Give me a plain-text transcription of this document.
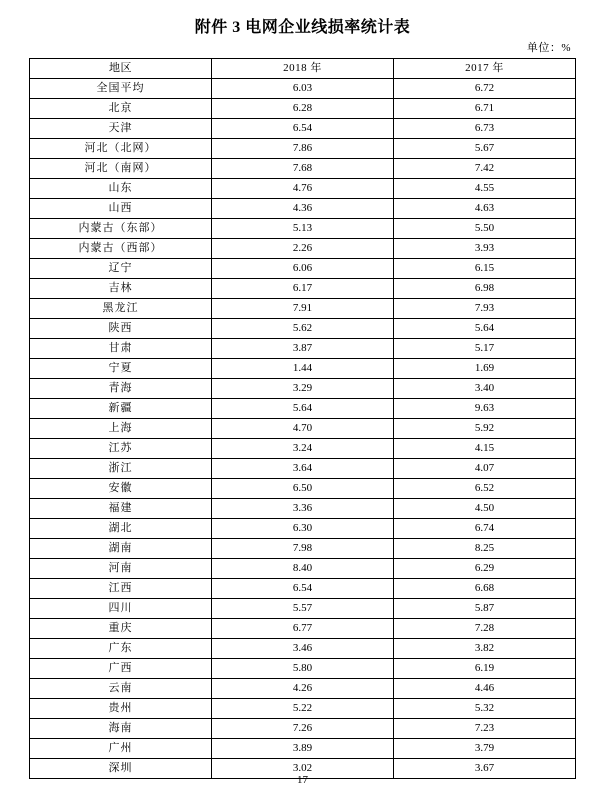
附件 3 电网企业线损率统计表
单位：%
地区	2018 年	2017 年
全国平均	6.03	6.72
北京	6.28	6.71
天津	6.54	6.73
河北（北网）	7.86	5.67
河北（南网）	7.68	7.42
山东	4.76	4.55
山西	4.36	4.63
内蒙古（东部）	5.13	5.50
内蒙古（西部）	2.26	3.93
辽宁	6.06	6.15
吉林	6.17	6.98
黑龙江	7.91	7.93
陕西	5.62	5.64
甘肃	3.87	5.17
宁夏	1.44	1.69
青海	3.29	3.40
新疆	5.64	9.63
上海	4.70	5.92
江苏	3.24	4.15
浙江	3.64	4.07
安徽	6.50	6.52
福建	3.36	4.50
湖北	6.30	6.74
湖南	7.98	8.25
河南	8.40	6.29
江西	6.54	6.68
四川	5.57	5.87
重庆	6.77	7.28
广东	3.46	3.82
广西	5.80	6.19
云南	4.26	4.46
贵州	5.22	5.32
海南	7.26	7.23
广州	3.89	3.79
深圳	3.02	3.67
17
